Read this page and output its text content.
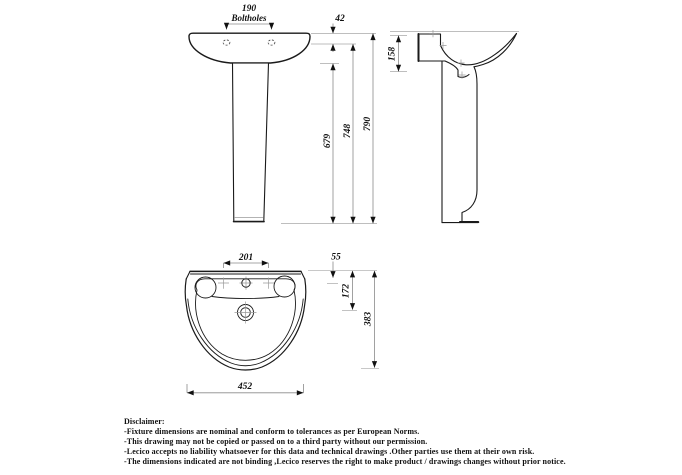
190
Boltholes	42
679
748 790
158
201	55
172
383
452
Disclaimer:
-Fixture dimensions are nominal and conform to tolerances as per European Norms.
-This drawing may not be copied or passed on to a third party without our permission.
-Lecico accepts no liability whatsoever for this data and technical drawings .Other parties use them at their own risk.
-The dimensions indicated are not binding ,Lecico reserves the right to make product / drawings changes without prior notice.
